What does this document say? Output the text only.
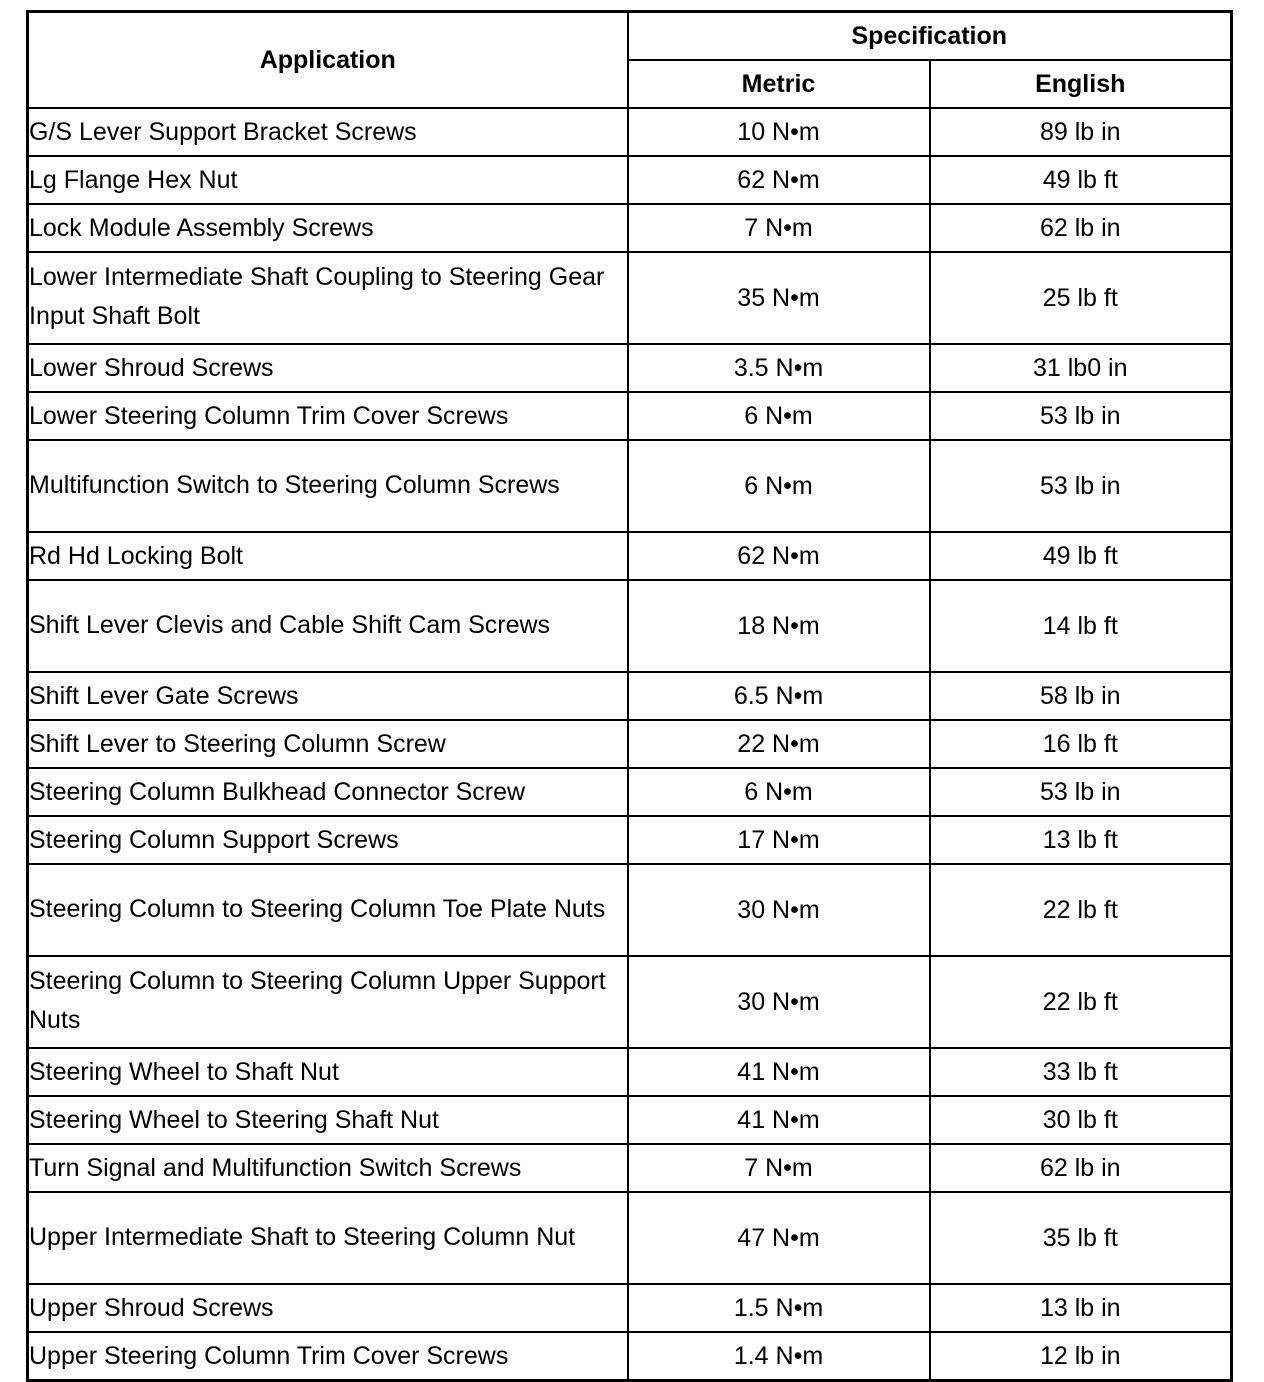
Application	Specification	
	Metric	English
G/S Lever Support Bracket Screws	10 N•m	89 lb in
Lg Flange Hex Nut	62 N•m	49 lb ft
Lock Module Assembly Screws	7 N•m	62 lb in
Lower Intermediate Shaft Coupling to Steering Gear Input Shaft Bolt	35 N•m	25 lb ft
Lower Shroud Screws	3.5 N•m	31 lb0 in
Lower Steering Column Trim Cover Screws	6 N•m	53 lb in
Multifunction Switch to Steering Column Screws	6 N•m	53 lb in
Rd Hd Locking Bolt	62 N•m	49 lb ft
Shift Lever Clevis and Cable Shift Cam Screws	18 N•m	14 lb ft
Shift Lever Gate Screws	6.5 N•m	58 lb in
Shift Lever to Steering Column Screw	22 N•m	16 lb ft
Steering Column Bulkhead Connector Screw	6 N•m	53 lb in
Steering Column Support Screws	17 N•m	13 lb ft
Steering Column to Steering Column Toe Plate Nuts	30 N•m	22 lb ft
Steering Column to Steering Column Upper Support Nuts	30 N•m	22 lb ft
Steering Wheel to Shaft Nut	41 N•m	33 lb ft
Steering Wheel to Steering Shaft Nut	41 N•m	30 lb ft
Turn Signal and Multifunction Switch Screws	7 N•m	62 lb in
Upper Intermediate Shaft to Steering Column Nut	47 N•m	35 lb ft
Upper Shroud Screws	1.5 N•m	13 lb in
Upper Steering Column Trim Cover Screws	1.4 N•m	12 lb in
